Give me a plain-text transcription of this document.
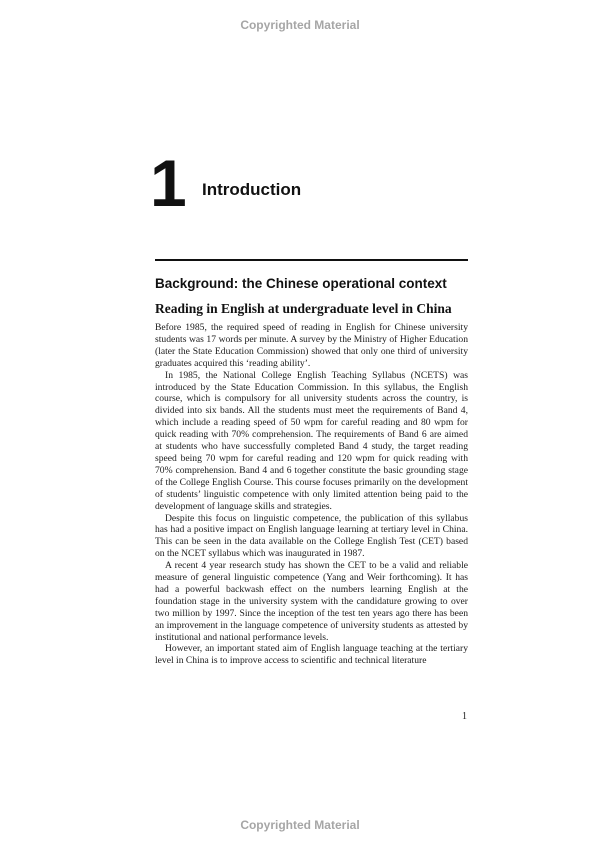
Copyrighted Material
1 Introduction
Background: the Chinese operational context
Reading in English at undergraduate level in China

Before 1985, the required speed of reading in English for Chinese university students was 17 words per minute. A survey by the Ministry of Higher Education (later the State Education Commission) showed that only one third of university graduates acquired this ‘reading ability’.

In 1985, the National College English Teaching Syllabus (NCETS) was introduced by the State Education Commission. In this syllabus, the English course, which is compulsory for all university students across the country, is divided into six bands. All the students must meet the requirements of Band 4, which include a reading speed of 50 wpm for careful reading and 80 wpm for quick reading with 70% comprehension. The requirements of Band 6 are aimed at students who have successfully completed Band 4 study, the target reading speed being 70 wpm for careful reading and 120 wpm for quick reading with 70% comprehension. Band 4 and 6 together constitute the basic grounding stage of the College English Course. This course focuses primarily on the development of students’ linguistic competence with only limited attention being paid to the development of language skills and strategies.

Despite this focus on linguistic competence, the publication of this syllabus has had a positive impact on English language learning at tertiary level in China. This can be seen in the data available on the College English Test (CET) based on the NCET syllabus which was inaugurated in 1987.

A recent 4 year research study has shown the CET to be a valid and reliable measure of general linguistic competence (Yang and Weir forthcoming). It has had a powerful backwash effect on the numbers learning English at the foundation stage in the university system with the candidature growing to over two million by 1997. Since the inception of the test ten years ago there has been an improvement in the language competence of university students as attested by institutional and national performance levels.

However, an important stated aim of English language teaching at the tertiary level in China is to improve access to scientific and technical literature

1
Copyrighted Material
